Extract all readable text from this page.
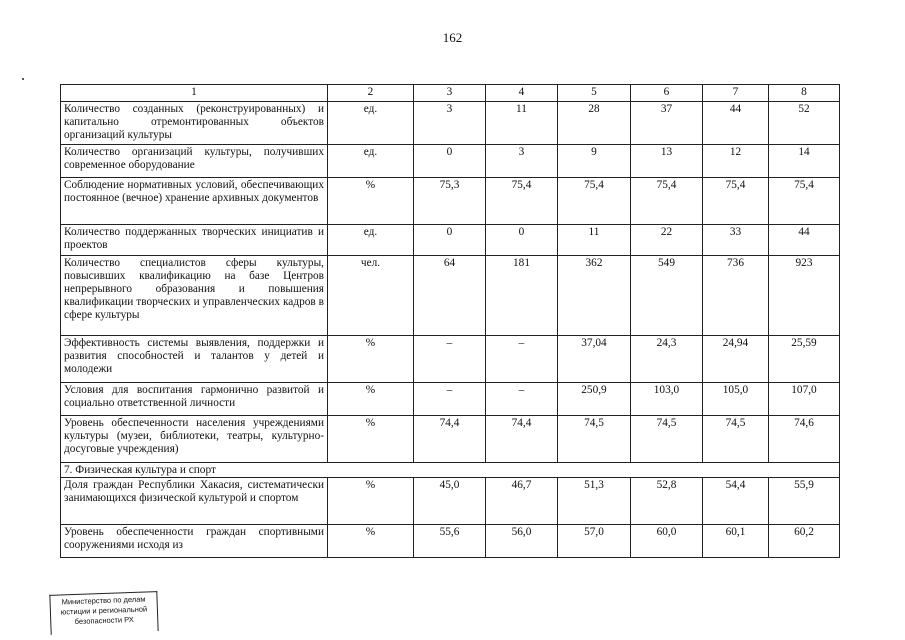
162
1	2	3	4	5	6	7	8
Количество созданных (реконструированных) и капитально отремонтированных объектов организаций культуры	ед.	3	11	28	37	44	52
Количество организаций культуры, получивших современное оборудование	ед.	0	3	9	13	12	14
Соблюдение нормативных условий, обеспечивающих постоянное (вечное) хранение архивных документов	%	75,3	75,4	75,4	75,4	75,4	75,4
Количество поддержанных творческих инициатив и проектов	ед.	0	0	11	22	33	44
Количество специалистов сферы культуры, повысивших квалификацию на базе Центров непрерывного образования и повышения квалификации творческих и управленческих кадров в сфере культуры	чел.	64	181	362	549	736	923
Эффективность системы выявления, поддержки и развития способностей и талантов у детей и молодежи	%	–	–	37,04	24,3	24,94	25,59
Условия для воспитания гармонично развитой и социально ответственной личности	%	–	–	250,9	103,0	105,0	107,0
Уровень обеспеченности населения учреждениями культуры (музеи, библиотеки, театры, культурно-досуговые учреждения)	%	74,4	74,4	74,5	74,5	74,5	74,6
7. Физическая культура и спорт							
Доля граждан Республики Хакасия, систематически занимающихся физической культурой и спортом	%	45,0	46,7	51,3	52,8	54,4	55,9
Уровень обеспеченности граждан спортивными сооружениями исходя из	%	55,6	56,0	57,0	60,0	60,1	60,2
Министерство по делам
юстиции и региональной
безопасности РХ
